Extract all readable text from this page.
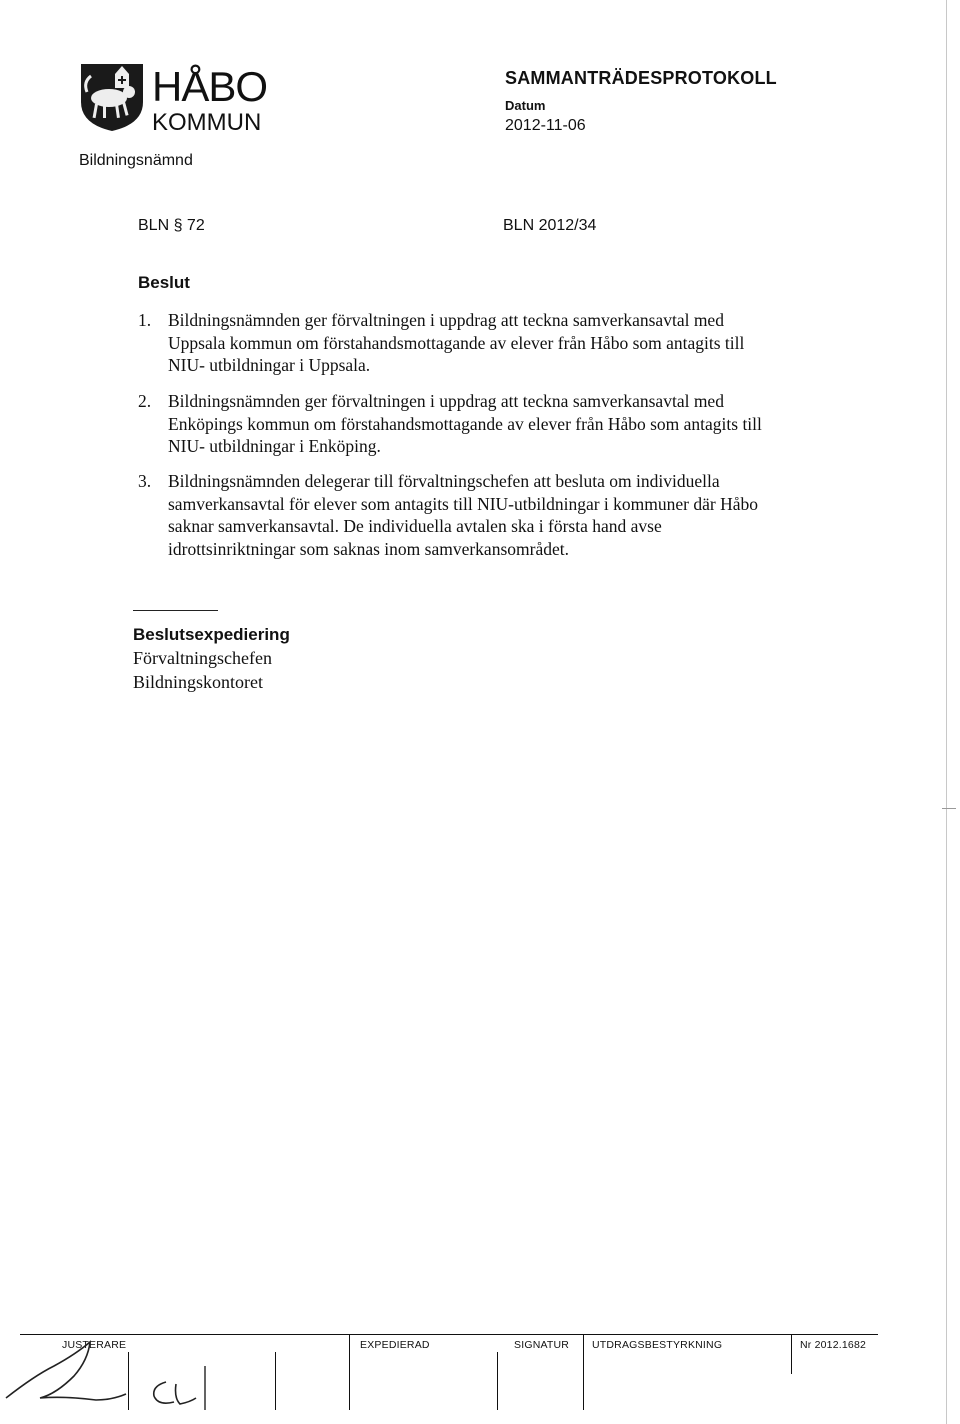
HÅBO
KOMMUN
Bildningsnämnd
SAMMANTRÄDESPROTOKOLL
Datum
2012-11-06
BLN § 72	BLN 2012/34
Beslut
1. Bildningsnämnden ger förvaltningen i uppdrag att teckna samverkansavtal med Uppsala kommun om förstahandsmottagande av elever från Håbo som antagits till NIU- utbildningar i Uppsala.
2. Bildningsnämnden ger förvaltningen i uppdrag att teckna samverkansavtal med Enköpings kommun om förstahandsmottagande av elever från Håbo som antagits till NIU- utbildningar i Enköping.
3. Bildningsnämnden delegerar till förvaltningschefen att besluta om individuella samverkansavtal för elever som antagits till NIU-utbildningar i kommuner där Håbo saknar samverkansavtal. De individuella avtalen ska i första hand avse idrottsinriktningar som saknas inom samverkansområdet.
Beslutsexpediering
Förvaltningschefen
Bildningskontoret
JUSTERARE	EXPEDIERAD	SIGNATUR UTDRAGSBESTYRKNING	Nr 2012.1682
